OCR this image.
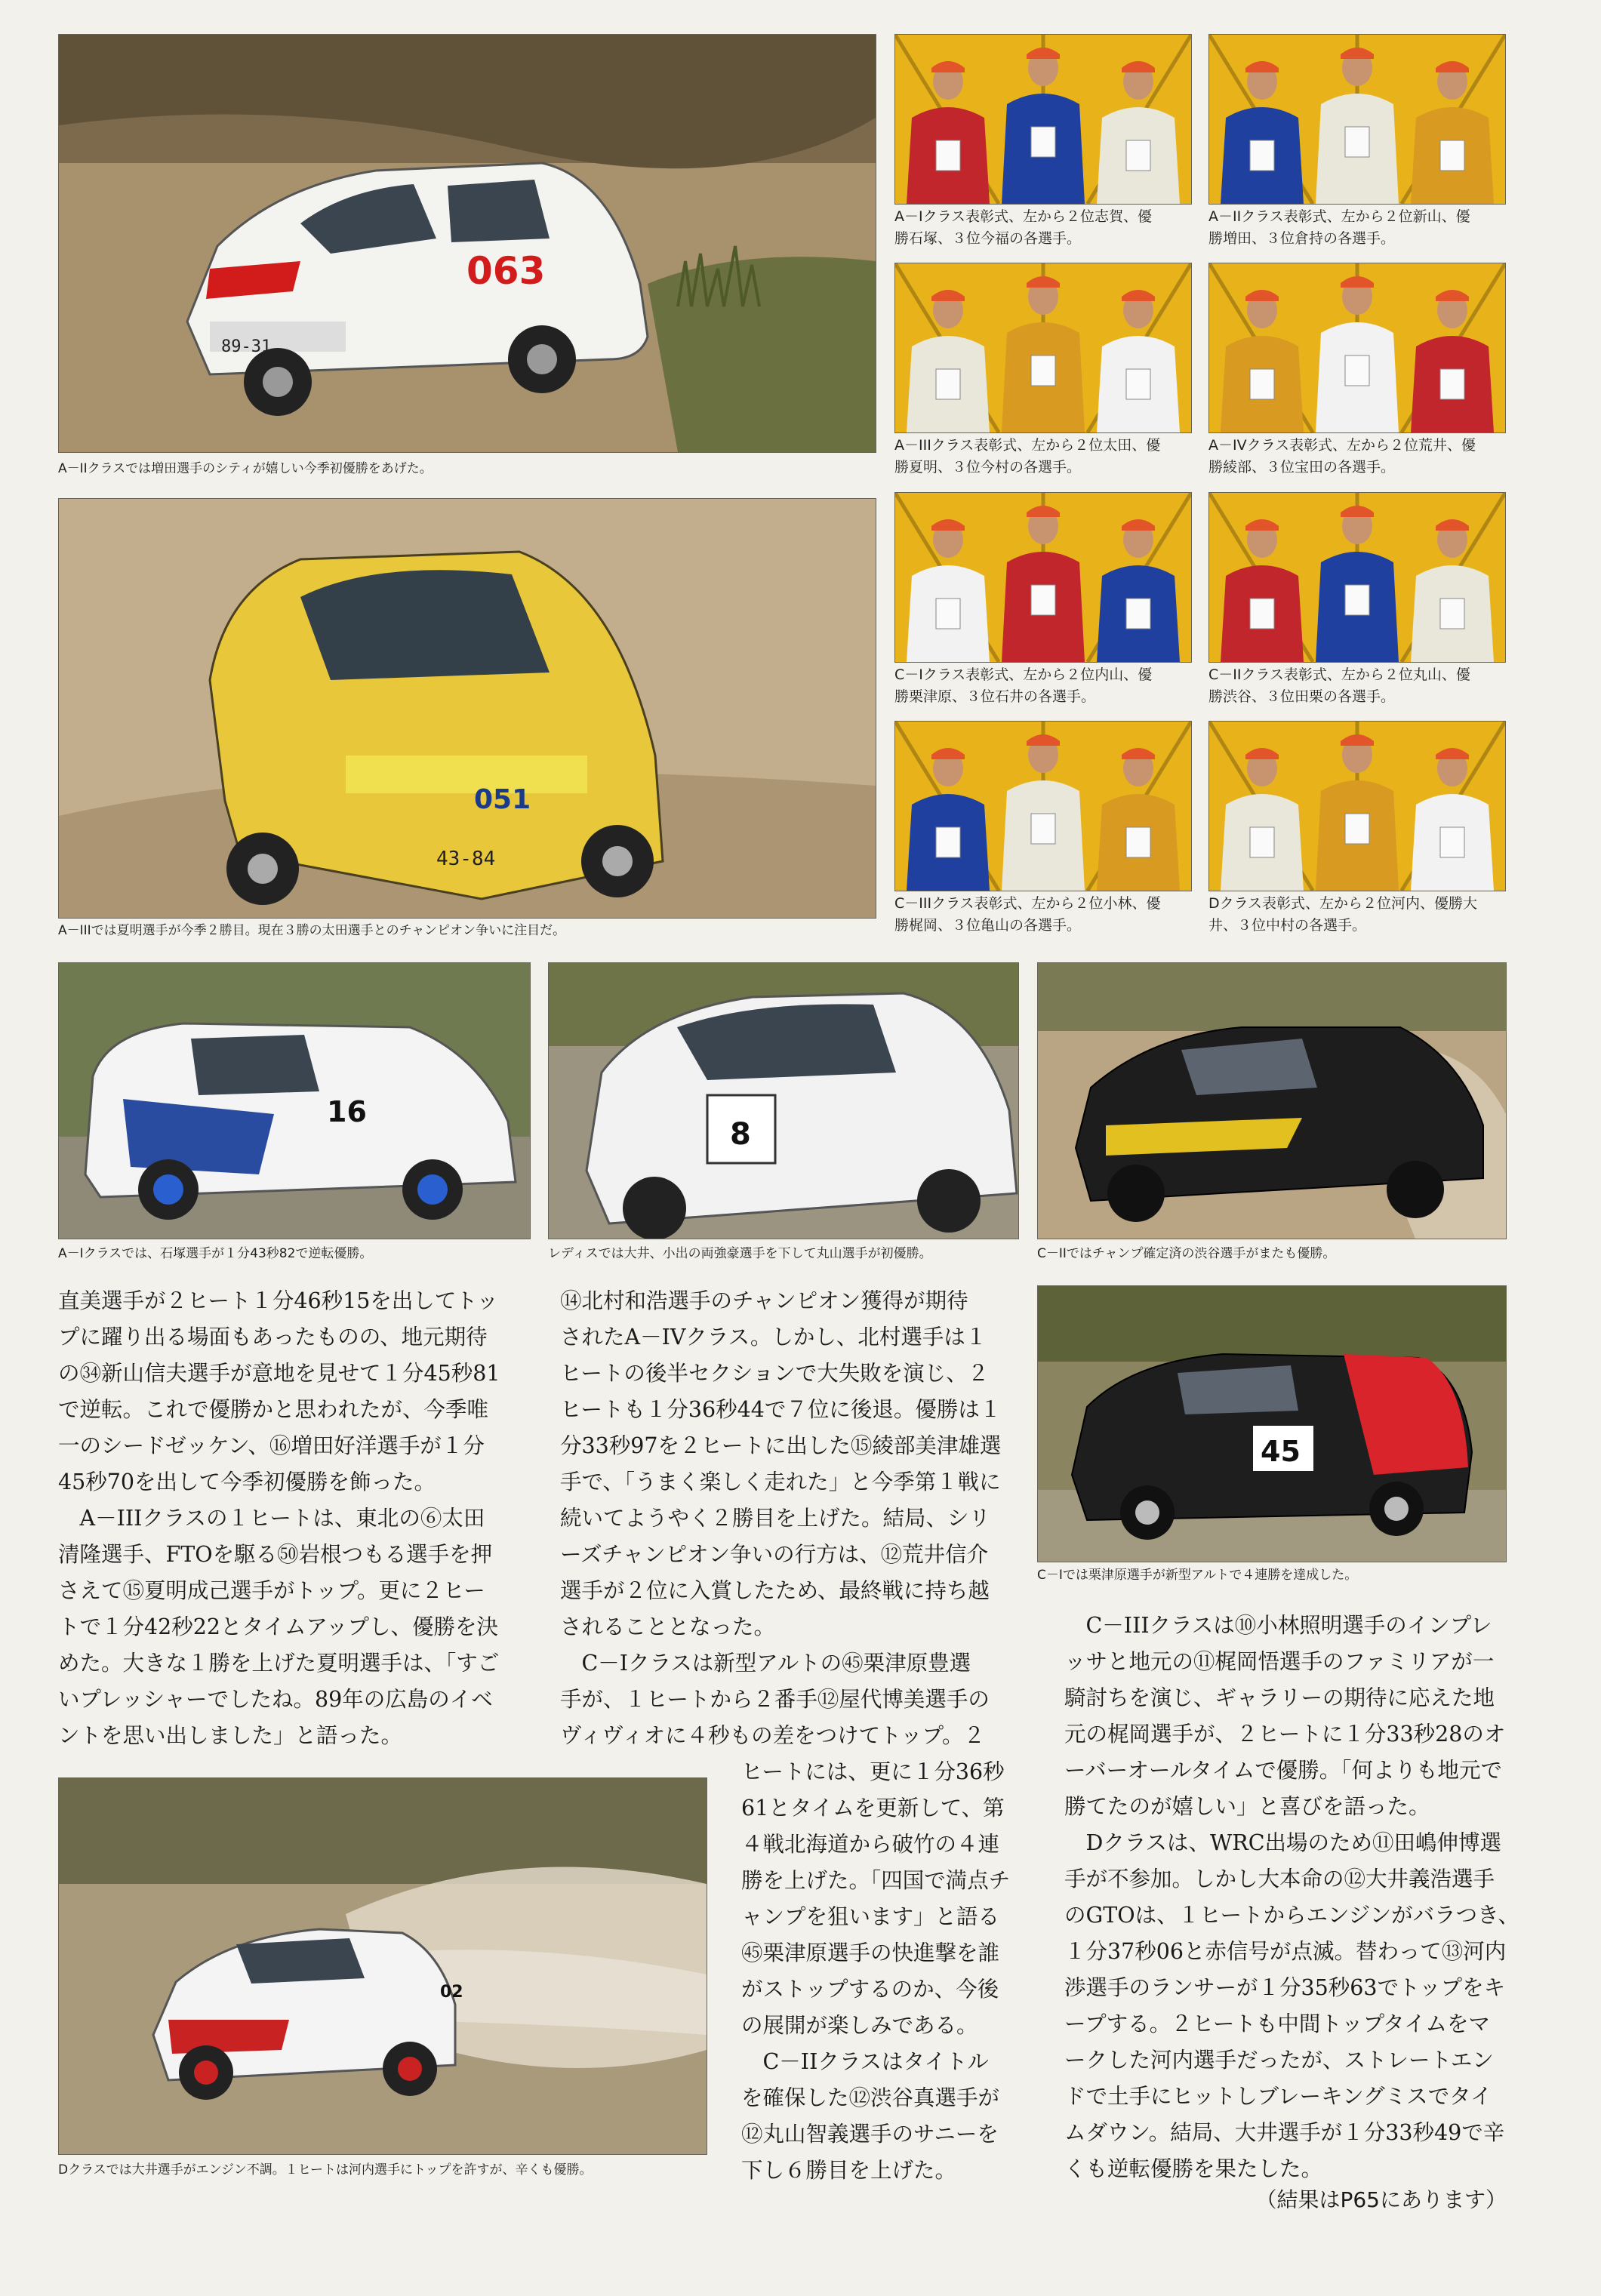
063
89-31
A－IIクラスでは増田選手のシティが嬉しい今季初優勝をあげた。
051
43-84
A－IIIでは夏明選手が今季２勝目。現在３勝の太田選手とのチャンピオン争いに注目だ。
A－Iクラス表彰式、左から２位志賀、優
勝石塚、３位今福の各選手。
A－IIクラス表彰式、左から２位新山、優
勝増田、３位倉持の各選手。
A－IIIクラス表彰式、左から２位太田、優
勝夏明、３位今村の各選手。
A－IVクラス表彰式、左から２位荒井、優
勝綾部、３位宝田の各選手。
C－Iクラス表彰式、左から２位内山、優
勝栗津原、３位石井の各選手。
C－IIクラス表彰式、左から２位丸山、優
勝渋谷、３位田栗の各選手。
C－IIIクラス表彰式、左から２位小林、優
勝梶岡、３位亀山の各選手。
Dクラス表彰式、左から２位河内、優勝大
井、３位中村の各選手。
16
A－Iクラスでは、石塚選手が１分43秒82で逆転優勝。
8
レディスでは大井、小出の両強豪選手を下して丸山選手が初優勝。	C－IIではチャンプ確定済の渋谷選手がまたも優勝。
45
C－Iでは栗津原選手が新型アルトで４連勝を達成した。
02
Dクラスでは大井選手がエンジン不調。１ヒートは河内選手にトップを許すが、辛くも優勝。
直美選手が２ヒート１分46秒15を出してトッ
プに躍り出る場面もあったものの、地元期待
の㉞新山信夫選手が意地を見せて１分45秒81
で逆転。これで優勝かと思われたが、今季唯
一のシードゼッケン、⑯増田好洋選手が１分
45秒70を出して今季初優勝を飾った。
　A－IIIクラスの１ヒートは、東北の⑥太田
清隆選手、FTOを駆る㊿岩根つもる選手を押
さえて⑮夏明成己選手がトップ。更に２ヒー
トで１分42秒22とタイムアップし、優勝を決
めた。大きな１勝を上げた夏明選手は、「すご
いプレッシャーでしたね。89年の広島のイベ
ントを思い出しました」と語った。
⑭北村和浩選手のチャンピオン獲得が期待
されたA－IVクラス。しかし、北村選手は１
ヒートの後半セクションで大失敗を演じ、２
ヒートも１分36秒44で７位に後退。優勝は１
分33秒97を２ヒートに出した⑮綾部美津雄選
手で、「うまく楽しく走れた」と今季第１戦に
続いてようやく２勝目を上げた。結局、シリ
ーズチャンピオン争いの行方は、⑫荒井信介
選手が２位に入賞したため、最終戦に持ち越
されることとなった。
　C－Iクラスは新型アルトの㊺栗津原豊選
手が、１ヒートから２番手⑫屋代博美選手の
ヴィヴィオに４秒もの差をつけてトップ。２
ヒートには、更に１分36秒
61とタイムを更新して、第
４戦北海道から破竹の４連
勝を上げた。「四国で満点チ
ャンプを狙います」と語る
㊺栗津原選手の快進撃を誰
がストップするのか、今後
の展開が楽しみである。
　C－IIクラスはタイトル
を確保した⑫渋谷真選手が
⑫丸山智義選手のサニーを
下し６勝目を上げた。
　C－IIIクラスは⑩小林照明選手のインプレ
ッサと地元の⑪梶岡悟選手のファミリアが一
騎討ちを演じ、ギャラリーの期待に応えた地
元の梶岡選手が、２ヒートに１分33秒28のオ
ーバーオールタイムで優勝。「何よりも地元で
勝てたのが嬉しい」と喜びを語った。
　Dクラスは、WRC出場のため⑪田嶋伸博選
手が不参加。しかし大本命の⑫大井義浩選手
のGTOは、１ヒートからエンジンがバラつき、
１分37秒06と赤信号が点滅。替わって⑬河内
渉選手のランサーが１分35秒63でトップをキ
ープする。２ヒートも中間トップタイムをマ
ークした河内選手だったが、ストレートエン
ドで土手にヒットしブレーキングミスでタイ
ムダウン。結局、大井選手が１分33秒49で辛
くも逆転優勝を果たした。
（結果はP65にあります）
